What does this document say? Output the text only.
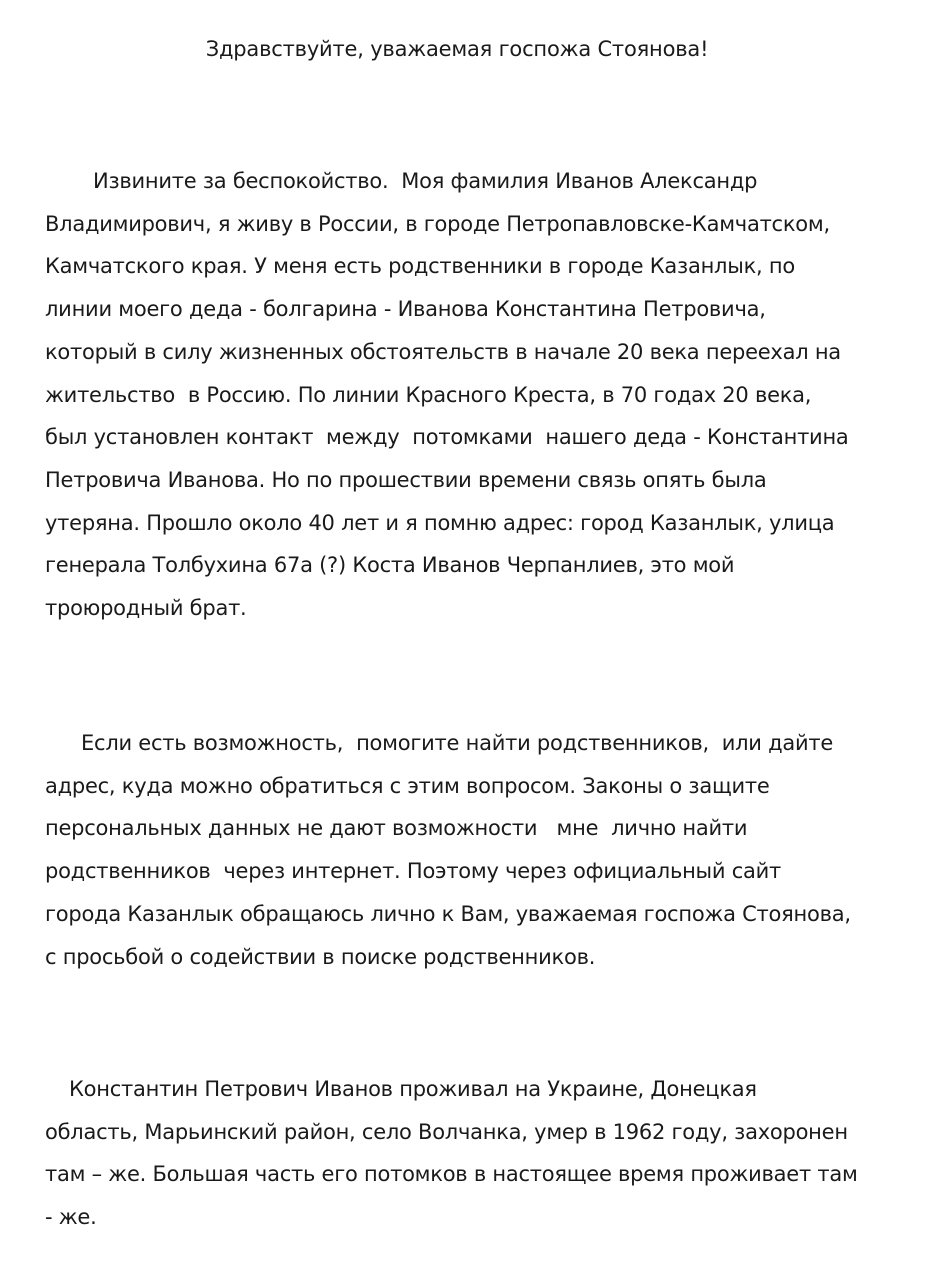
Здравствуйте, уважаемая госпожа Стоянова!
Извините за беспокойство.  Моя фамилия Иванов Александр
Владимирович, я живу в России, в городе Петропавловске-Камчатском,
Камчатского края. У меня есть родственники в городе Казанлык, по
линии моего деда - болгарина - Иванова Константина Петровича,
который в силу жизненных обстоятельств в начале 20 века переехал на
жительство  в Россию. По линии Красного Креста, в 70 годах 20 века,
был установлен контакт  между  потомками  нашего деда - Константина
Петровича Иванова. Но по прошествии времени связь опять была
утеряна. Прошло около 40 лет и я помню адрес: город Казанлык, улица
генерала Толбухина 67а (?) Коста Иванов Черпанлиев, это мой
троюродный брат.
Если есть возможность,  помогите найти родственников,  или дайте
адрес, куда можно обратиться с этим вопросом. Законы о защите
персональных данных не дают возможности   мне  лично найти
родственников  через интернет. Поэтому через официальный сайт
города Казанлык обращаюсь лично к Вам, уважаемая госпожа Стоянова,
с просьбой о содействии в поиске родственников.
Константин Петрович Иванов проживал на Украине, Донецкая
область, Марьинский район, село Волчанка, умер в 1962 году, захоронен
там – же. Большая часть его потомков в настоящее время проживает там
- же.
